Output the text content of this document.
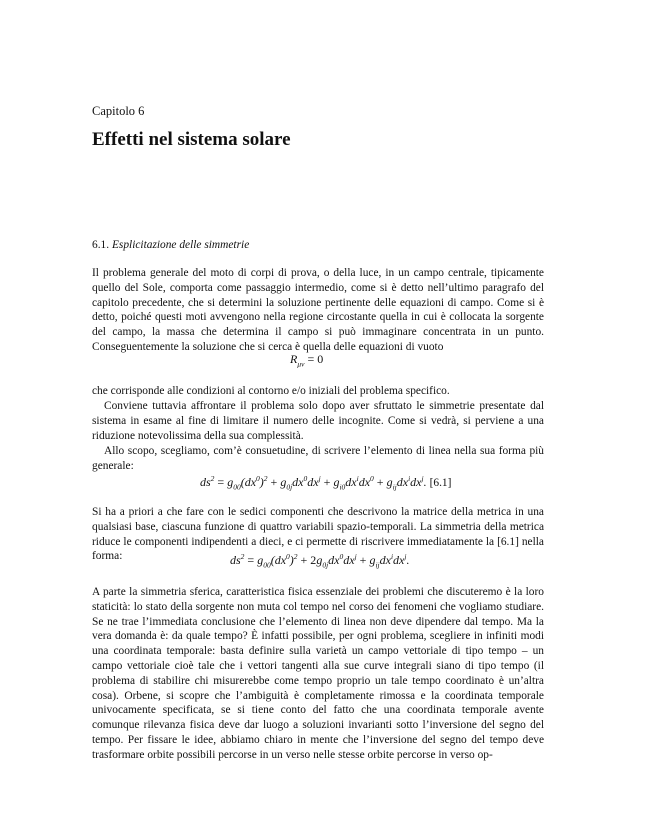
Capitolo 6
Effetti nel sistema solare
6.1. Esplicitazione delle simmetrie

Il problema generale del moto di corpi di prova, o della luce, in un campo centrale, tipicamente quello del Sole, comporta come passaggio intermedio, come si è detto nell’ultimo paragrafo del capitolo precedente, che si determini la soluzione pertinente delle equazioni di campo. Come si è detto, poiché questi moti avvengono nella regione circostante quella in cui è collocata la sorgente del campo, la massa che determina il campo si può immaginare concentrata in un punto. Conseguentemente la soluzione che si cerca è quella delle equazioni di vuoto

$R_{\mu\nu} = 0$

che corrisponde alle condizioni al contorno e/o iniziali del problema specifico.

Conviene tuttavia affrontare il problema solo dopo aver sfruttato le simmetrie presentate dal sistema in esame al fine di limitare il numero delle incognite. Come si vedrà, si perviene a una riduzione notevolissima della sua complessità.

Allo scopo, scegliamo, com’è consuetudine, di scrivere l’elemento di linea nella sua forma più generale:

$ds^2 = g_{00}(dx^0)^2 + g_{0j}dx^0dx^j + g_{i0}dx^idx^0 + g_{ij}dx^idx^j$. [6.1]

Si ha a priori a che fare con le sedici componenti che descrivono la matrice della metrica in una qualsiasi base, ciascuna funzione di quattro variabili spazio-temporali. La simmetria della metrica riduce le componenti indipendenti a dieci, e ci permette di riscrivere immediatamente la [6.1] nella forma:	$ds^2 = g_{00}(dx^0)^2 + 2g_{0j}dx^0dx^j + g_{ij}dx^idx^j$.

A parte la simmetria sferica, caratteristica fisica essenziale dei problemi che discuteremo è la loro staticità: lo stato della sorgente non muta col tempo nel corso dei fenomeni che vogliamo studiare. Se ne trae l’immediata conclusione che l’elemento di linea non deve dipendere dal tempo. Ma la vera domanda è: da quale tempo? È infatti possibile, per ogni problema, scegliere in infiniti modi una coordinata temporale: basta definire sulla varietà un campo vettoriale di tipo tempo – un campo vettoriale cioè tale che i vettori tangenti alla sue curve integrali siano di tipo tempo (il problema di stabilire chi misurerebbe come tempo proprio un tale tempo coordinato è un’altra cosa). Orbene, si scopre che l’ambiguità è completamente rimossa e la coordinata temporale univocamente specificata, se si tiene conto del fatto che una coordinata temporale avente comunque rilevanza fisica deve dar luogo a soluzioni invarianti sotto l’inversione del segno del tempo. Per fissare le idee, abbiamo chiaro in mente che l’inversione del segno del tempo deve trasformare orbite possibili percorse in un verso nelle stesse orbite percorse in verso op-
